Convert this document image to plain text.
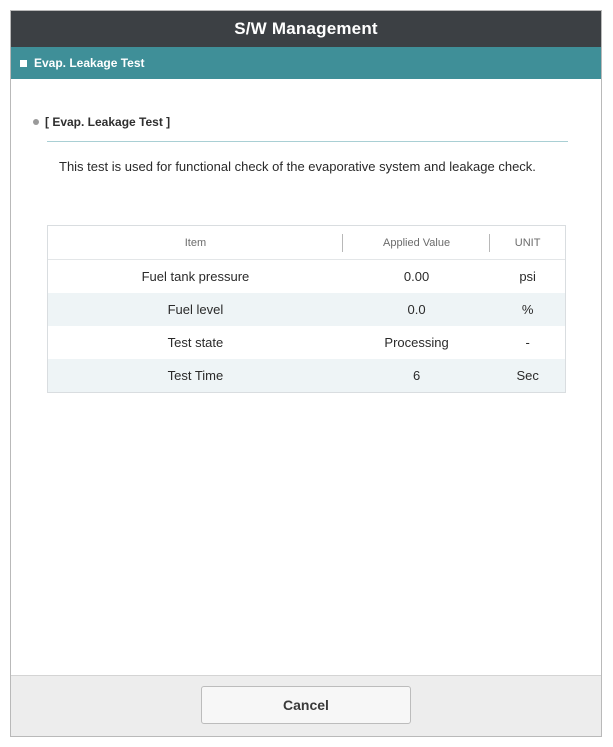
S/W Management
Evap. Leakage Test
[ Evap. Leakage Test ]
This test is used for functional check of the evaporative system and leakage check.
Item	Applied Value	UNIT
Fuel tank pressure	0.00	psi
Fuel level	0.0	%
Test state	Processing	-
Test Time	6	Sec
Cancel
